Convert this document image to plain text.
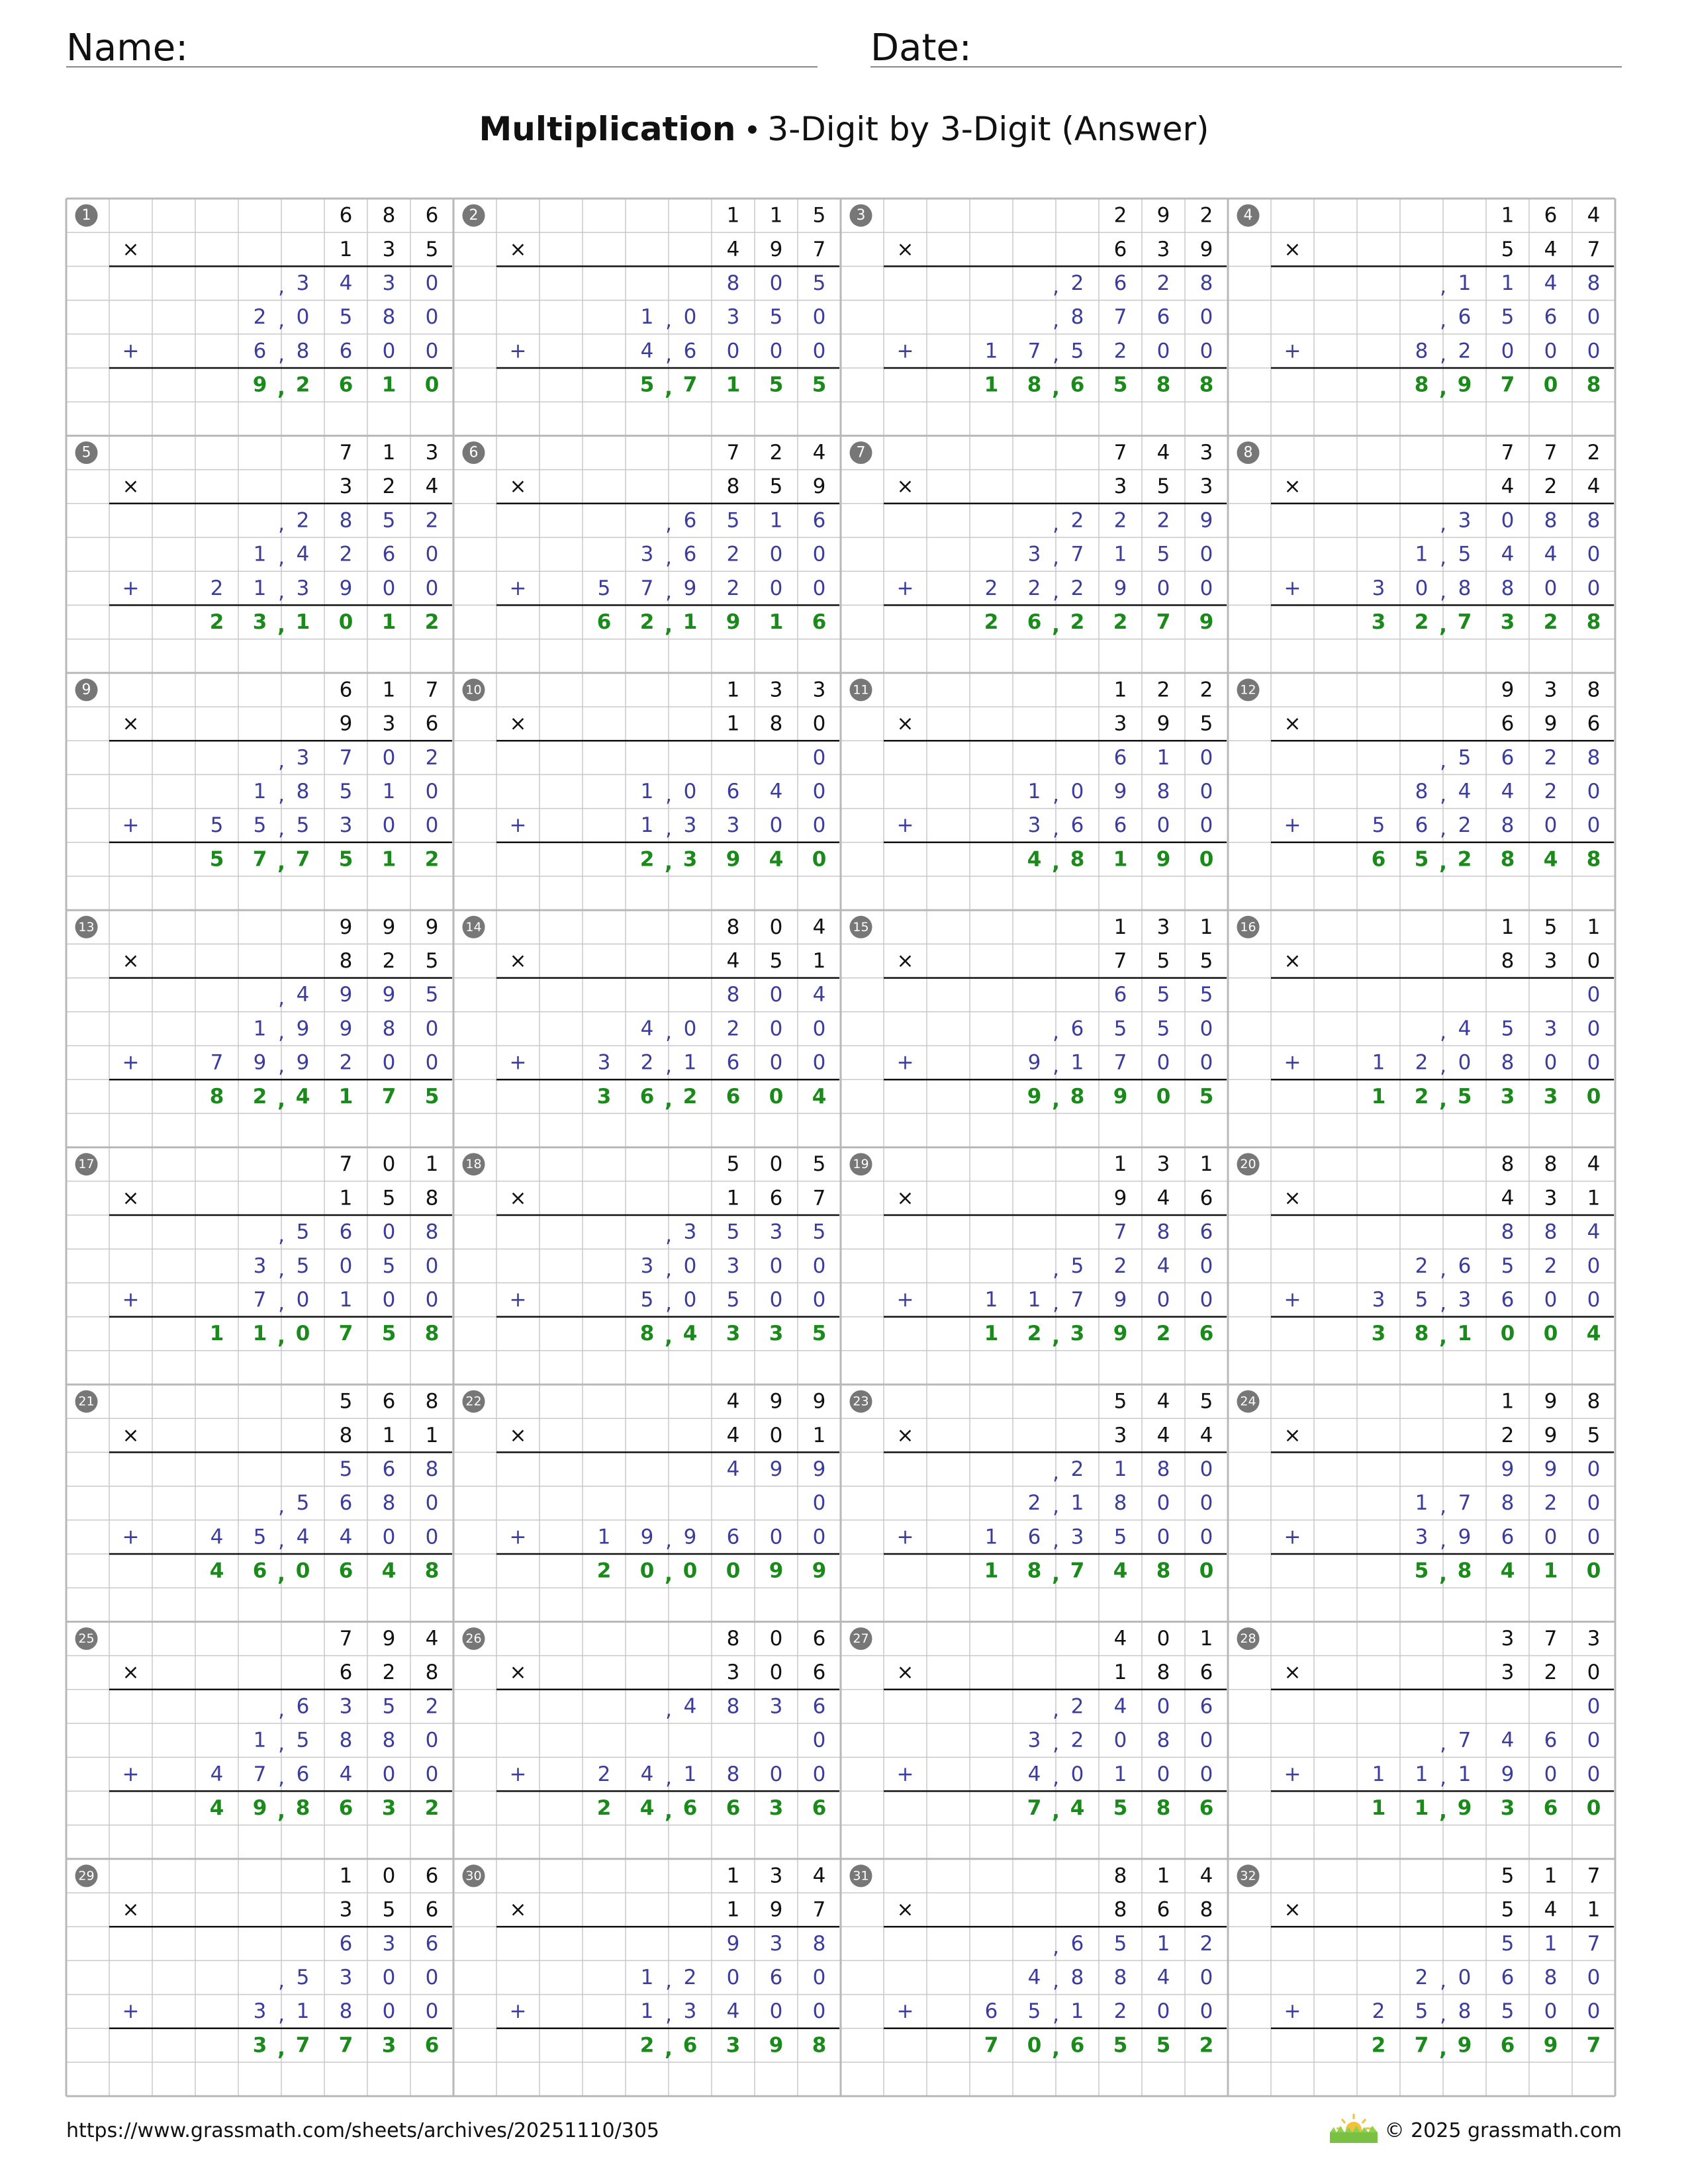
Name:	Date:
Multiplication • 3-Digit by 3-Digit (Answer)
1
×
+
6 8 6
1 3 5
3 4 3 0
,
2 0 5 8 0
,
6 8 6 0 0
,
9 2 6 1 0
,
2
×
+
1 1 5
4 9 7
8 0 5
1 0 3 5 0
,
4 6 0 0 0
,
5 7 1 5 5
,
3
×
+
2 9 2
6 3 9
2 6 2 8
,
8 7 6 0
,
1 7 5 2 0 0
,
1 8 6 5 8 8
,
4
×
+
1 6 4
5 4 7
1 1 4 8
,
6 5 6 0
,
8 2 0 0 0
,
8 9 7 0 8
,
5
×
+
7 1 3
3 2 4
2 8 5 2
,
1 4 2 6 0
,
2 1 3 9 0 0
,
2 3 1 0 1 2
,
6
×
+
7 2 4
8 5 9
6 5 1 6
,
3 6 2 0 0
,
5 7 9 2 0 0
,
6 2 1 9 1 6
,
7
×
+
7 4 3
3 5 3
2 2 2 9
,
3 7 1 5 0
,
2 2 2 9 0 0
,
2 6 2 2 7 9
,
8
×
+
7 7 2
4 2 4
3 0 8 8
,
1 5 4 4 0
,
3 0 8 8 0 0
,
3 2 7 3 2 8
,
9
×
+
6 1 7
9 3 6
3 7 0 2
,
1 8 5 1 0
,
5 5 5 3 0 0
,
5 7 7 5 1 2
,
10
×
+
1 3 3
1 8 0
0
1 0 6 4 0
,
1 3 3 0 0
,
2 3 9 4 0
,
11
×
+
1 2 2
3 9 5
6 1 0
1 0 9 8 0
,
3 6 6 0 0
,
4 8 1 9 0
,
12
×
+
9 3 8
6 9 6
5 6 2 8
,
8 4 4 2 0
,
5 6 2 8 0 0
,
6 5 2 8 4 8
,
13
×
+
9 9 9
8 2 5
4 9 9 5
,
1 9 9 8 0
,
7 9 9 2 0 0
,
8 2 4 1 7 5
,
14
×
+
8 0 4
4 5 1
8 0 4
4 0 2 0 0
,
3 2 1 6 0 0
,
3 6 2 6 0 4
,
15
×
+
1 3 1
7 5 5
6 5 5
6 5 5 0
,
9 1 7 0 0
,
9 8 9 0 5
,
16
×
+
1 5 1
8 3 0
0
4 5 3 0
,
1 2 0 8 0 0
,
1 2 5 3 3 0
,
17
×
+
7 0 1
1 5 8
5 6 0 8
,
3 5 0 5 0
,
7 0 1 0 0
,
1 1 0 7 5 8
,
18
×
+
5 0 5
1 6 7
3 5 3 5
,
3 0 3 0 0
,
5 0 5 0 0
,
8 4 3 3 5
,
19
×
+
1 3 1
9 4 6
7 8 6
5 2 4 0
,
1 1 7 9 0 0
,
1 2 3 9 2 6
,
20
×
+
8 8 4
4 3 1
8 8 4
2 6 5 2 0
,
3 5 3 6 0 0
,
3 8 1 0 0 4
,
21
×
+
5 6 8
8 1 1
5 6 8
5 6 8 0
,
4 5 4 4 0 0
,
4 6 0 6 4 8
,
22
×
+
4 9 9
4 0 1
4 9 9
0
1 9 9 6 0 0
,
2 0 0 0 9 9
,
23
×
+
5 4 5
3 4 4
2 1 8 0
,
2 1 8 0 0
,
1 6 3 5 0 0
,
1 8 7 4 8 0
,
24
×
+
1 9 8
2 9 5
9 9 0
1 7 8 2 0
,
3 9 6 0 0
,
5 8 4 1 0
,
25
×
+
7 9 4
6 2 8
6 3 5 2
,
1 5 8 8 0
,
4 7 6 4 0 0
,
4 9 8 6 3 2
,
26
×
+
8 0 6
3 0 6
4 8 3 6
,
0
2 4 1 8 0 0
,
2 4 6 6 3 6
,
27
×
+
4 0 1
1 8 6
2 4 0 6
,
3 2 0 8 0
,
4 0 1 0 0
,
7 4 5 8 6
,
28
×
+
3 7 3
3 2 0
0
7 4 6 0
,
1 1 1 9 0 0
,
1 1 9 3 6 0
,
29
×
+
1 0 6
3 5 6
6 3 6
5 3 0 0
,
3 1 8 0 0
,
3 7 7 3 6
,
30
×
+
1 3 4
1 9 7
9 3 8
1 2 0 6 0
,
1 3 4 0 0
,
2 6 3 9 8
,
31
×
+
8 1 4
8 6 8
6 5 1 2
,
4 8 8 4 0
,
6 5 1 2 0 0
,
7 0 6 5 5 2
,
32
×
+
5 1 7
5 4 1
5 1 7
2 0 6 8 0
,
2 5 8 5 0 0
,
2 7 9 6 9 7
,
https://www.grassmath.com/sheets/archives/20251110/305	© 2025 grassmath.com
